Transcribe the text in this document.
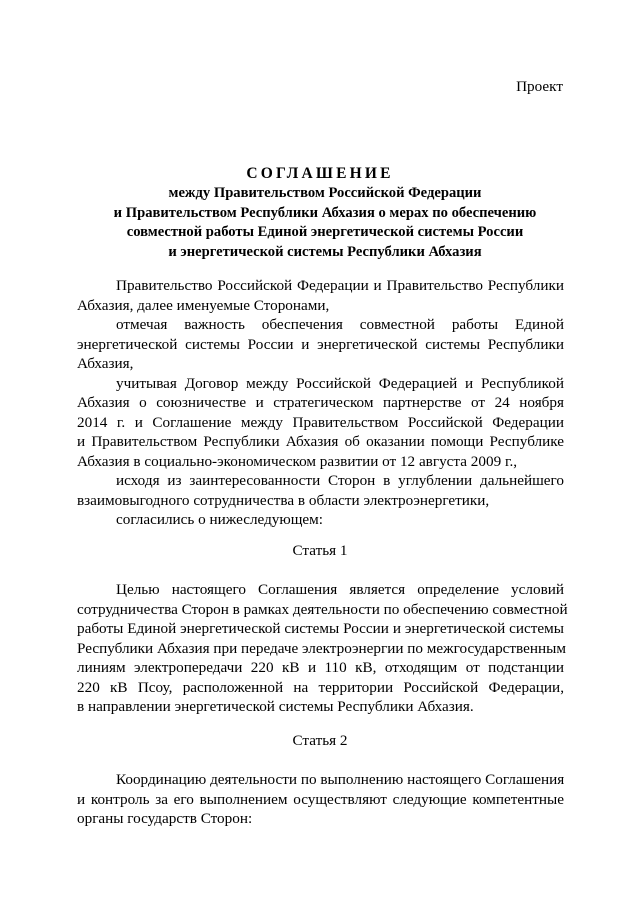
Проект
СОГЛАШЕНИЕ
между Правительством Российской Федерации
и Правительством Республики Абхазия о мерах по обеспечению
совместной работы Единой энергетической системы России
и энергетической системы Республики Абхазия
Правительство Российской Федерации и Правительство Республики
Абхазия, далее именуемые Сторонами,
отмечая важность обеспечения совместной работы Единой
энергетической системы России и энергетической системы Республики
Абхазия,
учитывая Договор между Российской Федерацией и Республикой
Абхазия о союзничестве и стратегическом партнерстве от 24 ноября
2014 г. и Соглашение между Правительством Российской Федерации
и Правительством Республики Абхазия об оказании помощи Республике
Абхазия в социально-экономическом развитии от 12 августа 2009 г.,
исходя из заинтересованности Сторон в углублении дальнейшего
взаимовыгодного сотрудничества в области электроэнергетики,
согласились о нижеследующем:
Статья 1
Целью настоящего Соглашения является определение условий
сотрудничества Сторон в рамках деятельности по обеспечению совместной
работы Единой энергетической системы России и энергетической системы
Республики Абхазия при передаче электроэнергии по межгосударственным
линиям электропередачи 220 кВ и 110 кВ, отходящим от подстанции
220 кВ Псоу, расположенной на территории Российской Федерации,
в направлении энергетической системы Республики Абхазия.
Статья 2
Координацию деятельности по выполнению настоящего Соглашения
и контроль за его выполнением осуществляют следующие компетентные
органы государств Сторон:
